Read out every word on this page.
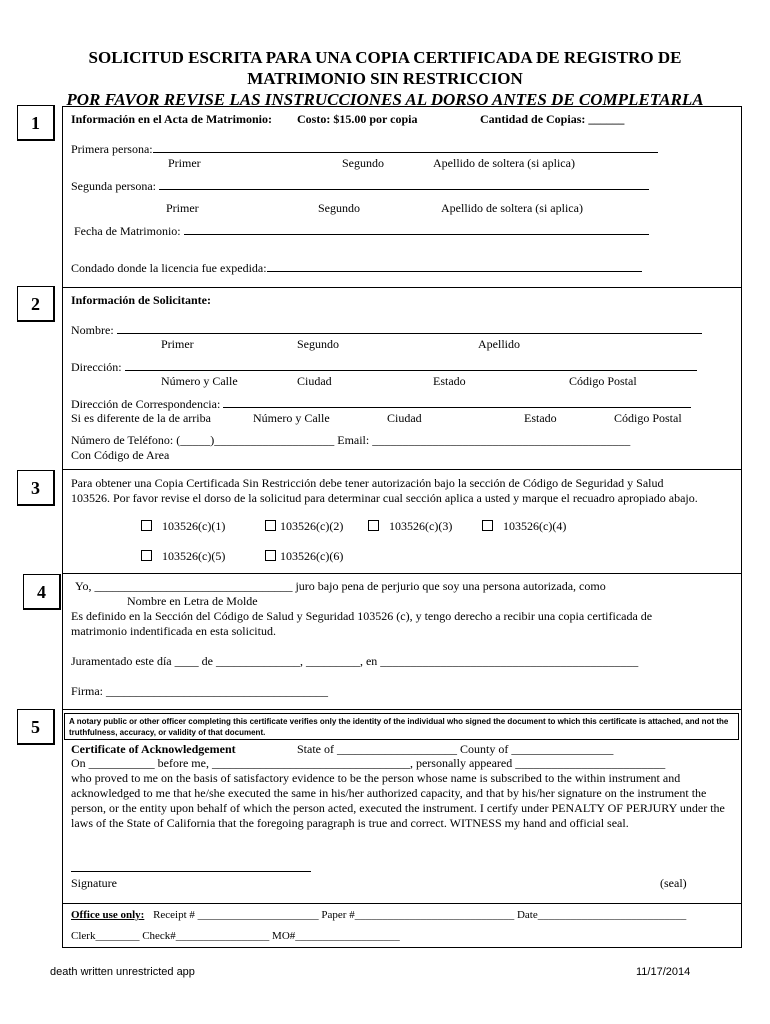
SOLICITUD ESCRITA PARA UNA COPIA CERTIFICADA DE REGISTRO DE
MATRIMONIO SIN RESTRICCION
POR FAVOR REVISE LAS INSTRUCCIONES AL DORSO ANTES DE COMPLETARLA
1
2
3
4
5
Información en el Acta de Matrimonio: Costo: $15.00 por copia	Cantidad de Copias: ______
Primera persona:
Primer	Segundo	Apellido de soltera (si aplica)
Segunda persona:
Primer	Segundo	Apellido de soltera (si aplica)
Fecha de Matrimonio:
Condado donde la licencia fue expedida:
Información de Solicitante:
Nombre:
Primer	Segundo	Apellido
Dirección:
Número y Calle	Ciudad	Estado	Código Postal
Dirección de Correspondencia:
Si es diferente de la de arriba	Número y Calle	Ciudad	Estado	Código Postal
Número de Teléfono: (_____)____________________ Email: ___________________________________________
Con Código de Area
Para obtener una Copia Certificada Sin Restricción debe tener autorización bajo la sección de Código de Seguridad y Salud
103526. Por favor revise el dorso de la solicitud para determinar cual sección aplica a usted y marque el recuadro apropiado abajo.
103526(c)(1)	103526(c)(2)	103526(c)(3)	103526(c)(4)
103526(c)(5)	103526(c)(6)
Yo, _________________________________ juro bajo pena de perjurio que soy una persona autorizada, como
Nombre en Letra de Molde
Es definido en la Sección del Código de Salud y Seguridad 103526 (c), y tengo derecho a recibir una copia certificada de
matrimonio indentificada en esta solicitud.
Juramentado este día ____ de ______________, _________, en ___________________________________________
Firma: _____________________________________
A notary public or other officer completing this certificate verifies only the identity of the individual who signed the document to which this certificate is attached, and not the truthfulness, accuracy, or validity of that document.
Certificate of Acknowledgement	State of ____________________ County of _________________
On ___________ before me, _________________________________, personally appeared _________________________
who proved to me on the basis of satisfactory evidence to be the person whose name is subscribed to the within instrument and acknowledged to me that he/she executed the same in his/her authorized capacity, and that by his/her signature on the instrument the person, or the entity upon behalf of which the person acted, executed the instrument. I certify under PENALTY OF PERJURY under the laws of the State of California that the foregoing paragraph is true and correct. WITNESS my hand and official seal.
Signature	(seal)
Office use only: Receipt # ______________________ Paper #_____________________________ Date___________________________
Clerk________ Check#_________________ MO#___________________
death written unrestricted app	11/17/2014
